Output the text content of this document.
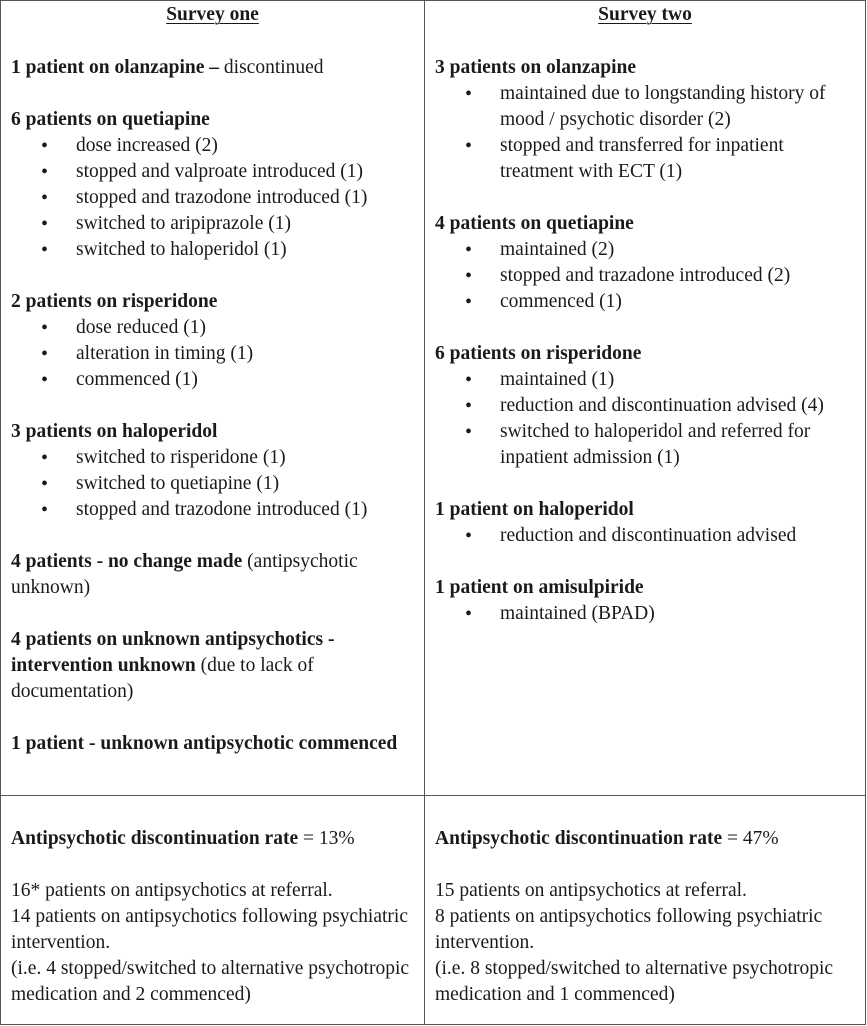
Survey one
1 patient on olanzapine – discontinued
6 patients on quetiapine
• dose increased (2)
• stopped and valproate introduced (1)
• stopped and trazodone introduced (1)
• switched to aripiprazole (1)
• switched to haloperidol (1)
2 patients on risperidone
• dose reduced (1)
• alteration in timing (1)
• commenced (1)
3 patients on haloperidol
• switched to risperidone (1)
• switched to quetiapine (1)
• stopped and trazodone introduced (1)
4 patients - no change made (antipsychotic unknown)
4 patients on unknown antipsychotics - intervention unknown (due to lack of documentation)
1 patient - unknown antipsychotic commenced
Survey two
3 patients on olanzapine
• maintained due to longstanding history of mood / psychotic disorder (2)
• stopped and transferred for inpatient treatment with ECT (1)
4 patients on quetiapine
• maintained (2)
• stopped and trazadone introduced (2)
• commenced (1)
6 patients on risperidone
• maintained (1)
• reduction and discontinuation advised (4)
• switched to haloperidol and referred for inpatient admission (1)
1 patient on haloperidol
• reduction and discontinuation advised
1 patient on amisulpiride
• maintained (BPAD)
Antipsychotic discontinuation rate = 13%
16* patients on antipsychotics at referral.
14 patients on antipsychotics following psychiatric intervention.
(i.e. 4 stopped/switched to alternative psychotropic medication and 2 commenced)
Antipsychotic discontinuation rate = 47%
15 patients on antipsychotics at referral.
8 patients on antipsychotics following psychiatric intervention.
(i.e. 8 stopped/switched to alternative psychotropic medication and 1 commenced)
